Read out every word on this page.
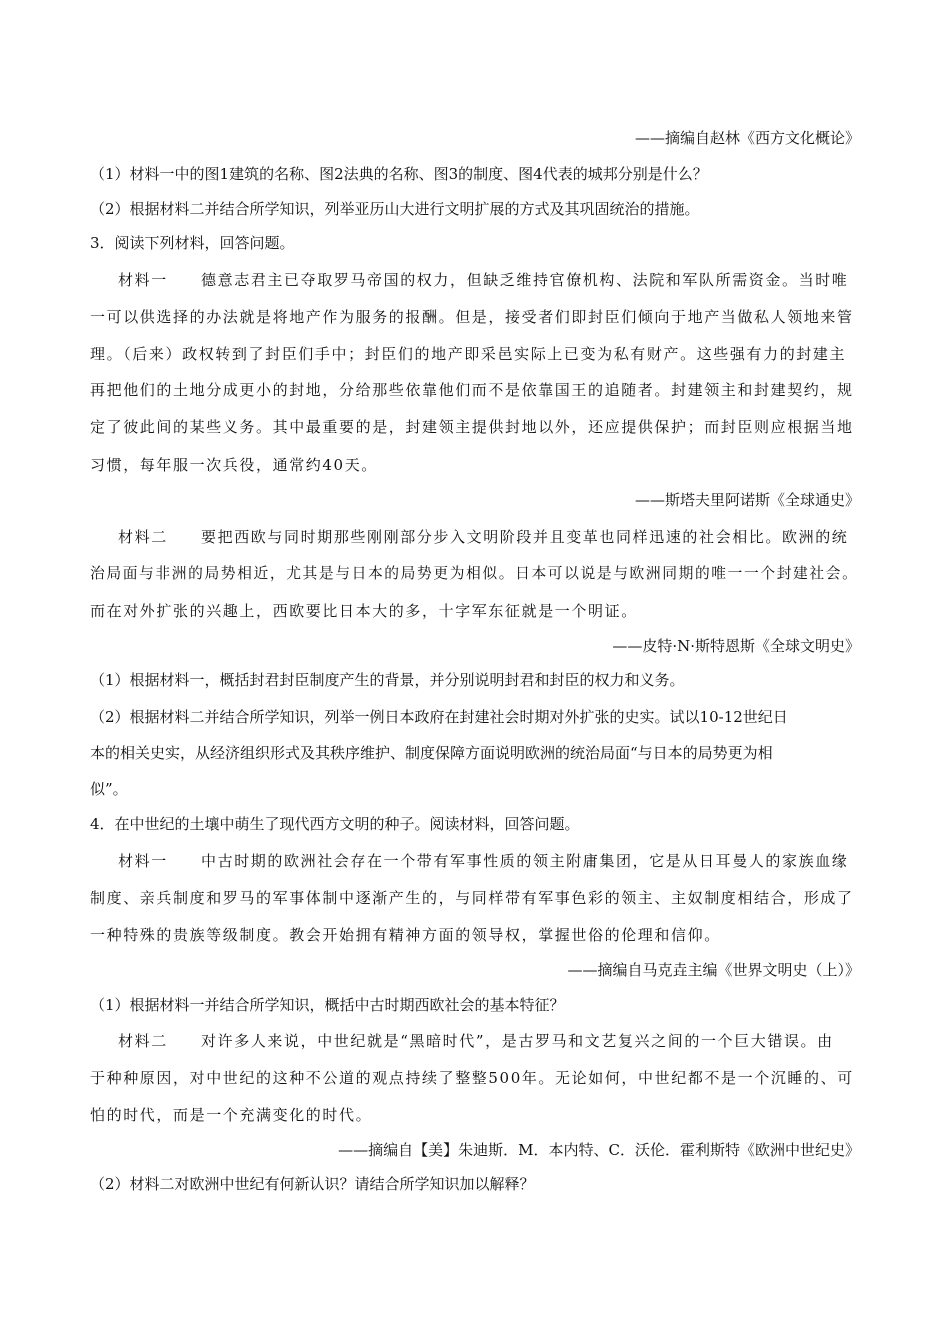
——摘编自赵林《西方文化概论》
（1）材料一中的图1建筑的名称、图2法典的名称、图3的制度、图4代表的城邦分别是什么？
（2）根据材料二并结合所学知识，列举亚历山大进行文明扩展的方式及其巩固统治的措施。
3．阅读下列材料，回答问题。
材料一　　德意志君主已夺取罗马帝国的权力，但缺乏维持官僚机构、法院和军队所需资金。当时唯
一可以供选择的办法就是将地产作为服务的报酬。但是，接受者们即封臣们倾向于地产当做私人领地来管
理。（后来）政权转到了封臣们手中；封臣们的地产即采邑实际上已变为私有财产。这些强有力的封建主
再把他们的土地分成更小的封地，分给那些依靠他们而不是依靠国王的追随者。封建领主和封建契约，规
定了彼此间的某些义务。其中最重要的是，封建领主提供封地以外，还应提供保护；而封臣则应根据当地
习惯，每年服一次兵役，通常约40天。
——斯塔夫里阿诺斯《全球通史》
材料二　　要把西欧与同时期那些刚刚部分步入文明阶段并且变革也同样迅速的社会相比。欧洲的统
治局面与非洲的局势相近，尤其是与日本的局势更为相似。日本可以说是与欧洲同期的唯一一个封建社会。
而在对外扩张的兴趣上，西欧要比日本大的多，十字军东征就是一个明证。
——皮特·N·斯特恩斯《全球文明史》
（1）根据材料一，概括封君封臣制度产生的背景，并分别说明封君和封臣的权力和义务。
（2）根据材料二并结合所学知识，列举一例日本政府在封建社会时期对外扩张的史实。试以10-12世纪日
本的相关史实，从经济组织形式及其秩序维护、制度保障方面说明欧洲的统治局面“与日本的局势更为相
似”。
4．在中世纪的土壤中萌生了现代西方文明的种子。阅读材料，回答问题。
材料一　　中古时期的欧洲社会存在一个带有军事性质的领主附庸集团，它是从日耳曼人的家族血缘
制度、亲兵制度和罗马的军事体制中逐渐产生的，与同样带有军事色彩的领主、主奴制度相结合，形成了
一种特殊的贵族等级制度。教会开始拥有精神方面的领导权，掌握世俗的伦理和信仰。
——摘编自马克垚主编《世界文明史（上）》
（1）根据材料一并结合所学知识，概括中古时期西欧社会的基本特征？
材料二　　对许多人来说，中世纪就是“黑暗时代”，是古罗马和文艺复兴之间的一个巨大错误。由
于种种原因，对中世纪的这种不公道的观点持续了整整500年。无论如何，中世纪都不是一个沉睡的、可
怕的时代，而是一个充满变化的时代。
——摘编自【美】朱迪斯．M．本内特、C．沃伦．霍利斯特《欧洲中世纪史》
（2）材料二对欧洲中世纪有何新认识？请结合所学知识加以解释？
